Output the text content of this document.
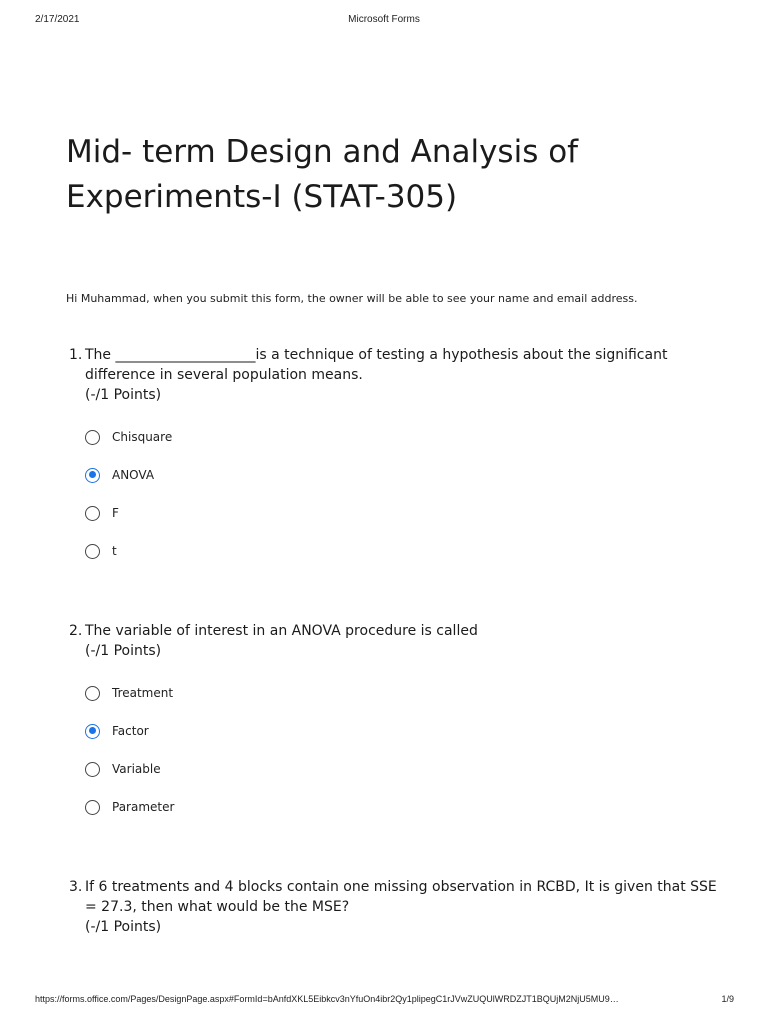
2/17/2021	Microsoft Forms
Mid- term Design and Analysis of Experiments-I (STAT-305)
Hi Muhammad, when you submit this form, the owner will be able to see your name and email address.
1. The ____________________is a technique of testing a hypothesis about the significant difference in several population means.
(-/1 Points)
Chisquare
ANOVA
F
t
2. The variable of interest in an ANOVA procedure is called
(-/1 Points)
Treatment
Factor
Variable
Parameter
3. If 6 treatments and 4 blocks contain one missing observation in RCBD, It is given that SSE = 27.3, then what would be the MSE?
(-/1 Points)
https://forms.office.com/Pages/DesignPage.aspx#FormId=bAnfdXKL5Eibkcv3nYfuOn4ibr2Qy1plipegC1rJVwZUQUlWRDZJT1BQUjM2NjU5MU9…	1/9
